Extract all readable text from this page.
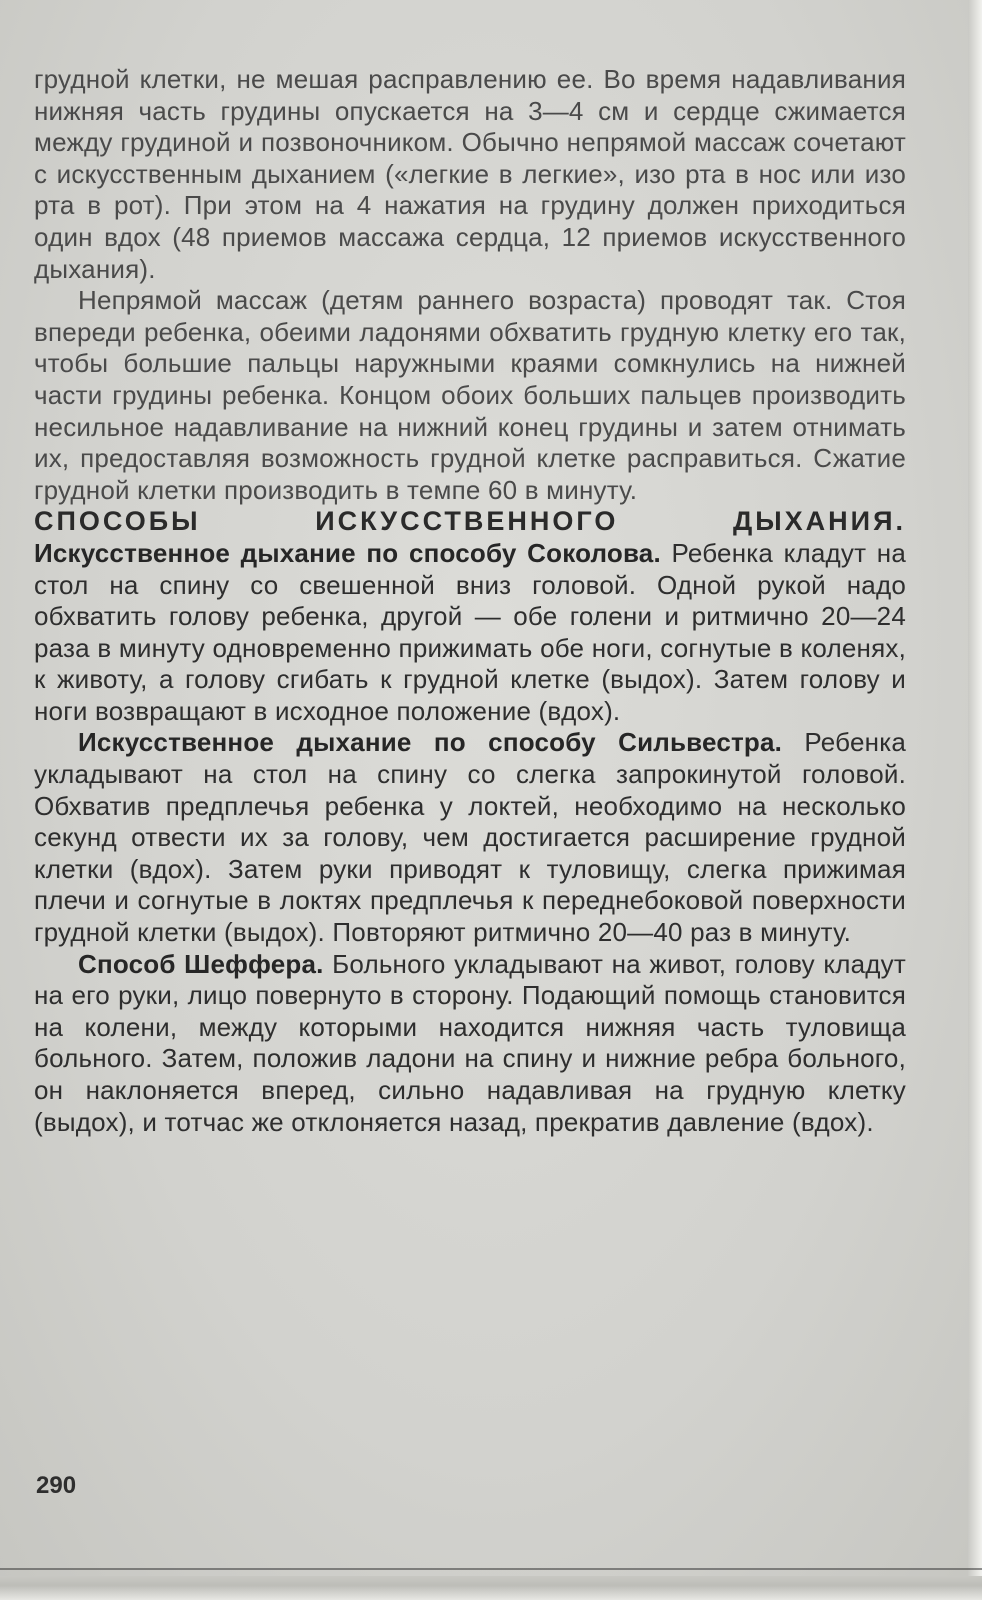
грудной клетки, не мешая расправлению ее. Во время надавливания нижняя часть грудины опускается на 3—4 см и сердце сжимается между грудиной и позвоночником. Обычно непрямой массаж сочетают с искусственным дыханием («легкие в легкие», изо рта в нос или изо рта в рот). При этом на 4 нажатия на грудину должен приходиться один вдох (48 приемов массажа сердца, 12 приемов искусственного дыхания).

Непрямой массаж (детям раннего возраста) проводят так. Стоя впереди ребенка, обеими ладонями обхватить грудную клетку его так, чтобы большие пальцы наружными краями сомкнулись на нижней части грудины ребенка. Концом обоих больших пальцев производить несильное надавливание на нижний конец грудины и затем отнимать их, предоставляя возможность грудной клетке расправиться. Сжатие грудной клетки производить в темпе 60 в минуту.

СПОСОБЫ ИСКУССТВЕННОГО ДЫХАНИЯ.

Искусственное дыхание по способу Соколова. Ребенка кладут на стол на спину со свешенной вниз головой. Одной рукой надо обхватить голову ребенка, другой — обе голени и ритмично 20—24 раза в минуту одновременно прижимать обе ноги, согнутые в коленях, к животу, а голову сгибать к грудной клетке (выдох). Затем голову и ноги возвращают в исходное положение (вдох).

Искусственное дыхание по способу Сильвестра. Ребенка укладывают на стол на спину со слегка запрокинутой головой. Обхватив предплечья ребенка у локтей, необходимо на несколько секунд отвести их за голову, чем достигается расширение грудной клетки (вдох). Затем руки приводят к туловищу, слегка прижимая плечи и согнутые в локтях предплечья к переднебоковой поверхности грудной клетки (выдох). Повторяют ритмично 20—40 раз в минуту.

Способ Шеффера. Больного укладывают на живот, голову кладут на его руки, лицо повернуто в сторону. Подающий помощь становится на колени, между которыми находится нижняя часть туловища больного. Затем, положив ладони на спину и нижние ребра больного, он наклоняется вперед, сильно надавливая на грудную клетку (выдох), и тотчас же отклоняется назад, прекратив давление (вдох).

290
